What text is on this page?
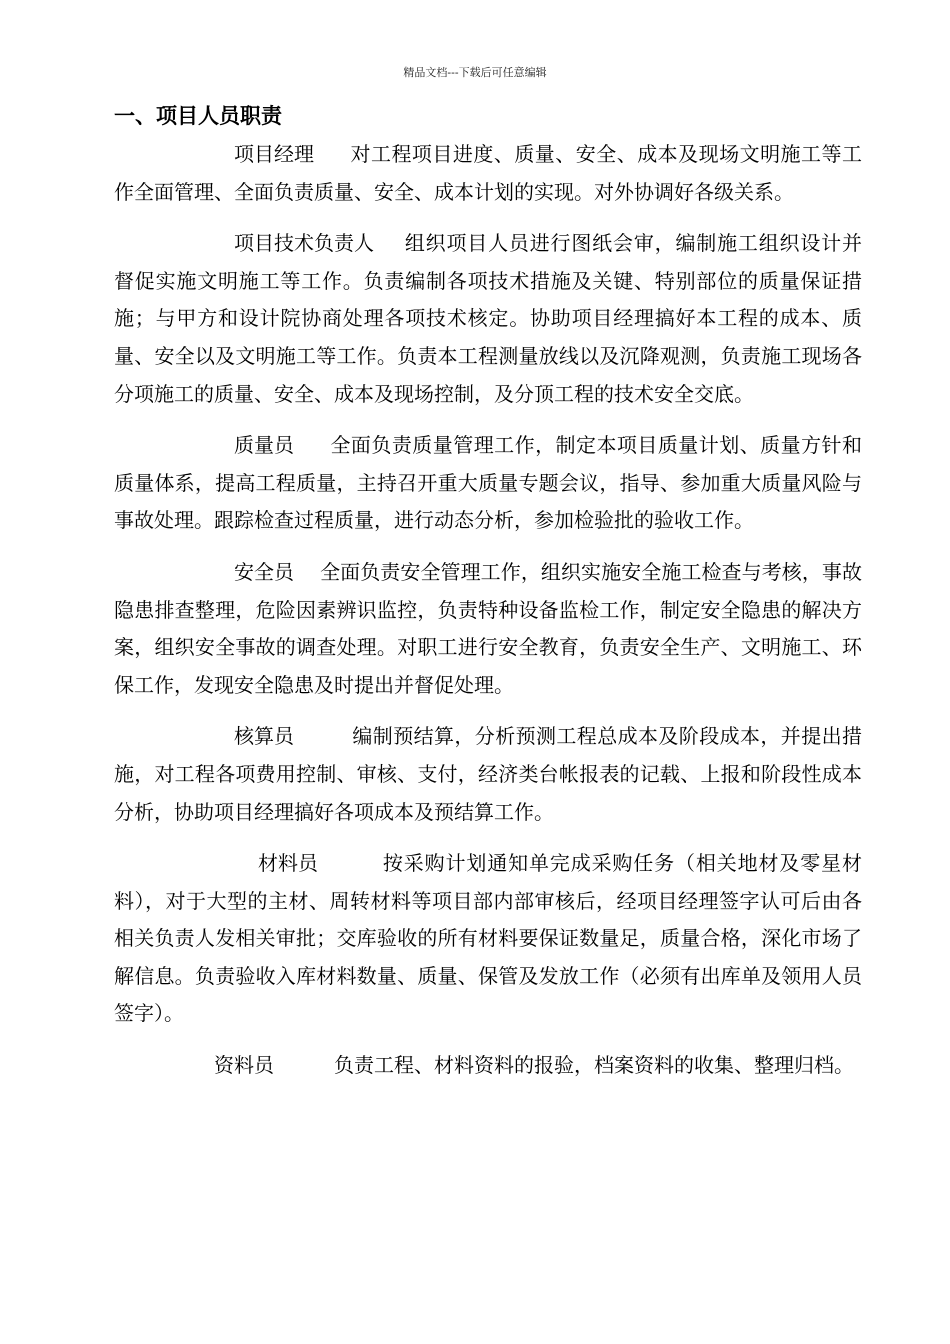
精品文档---下载后可任意编辑
一、项目人员职责

项目经理 对工程项目进度、质量、安全、成本及现场文明施工等工作全面管理、全面负责质量、安全、成本计划的实现。对外协调好各级关系。

项目技术负责人 组织项目人员进行图纸会审，编制施工组织设计并督促实施文明施工等工作。负责编制各项技术措施及关键、特别部位的质量保证措施；与甲方和设计院协商处理各项技术核定。协助项目经理搞好本工程的成本、质量、安全以及文明施工等工作。负责本工程测量放线以及沉降观测，负责施工现场各分项施工的质量、安全、成本及现场控制，及分顶工程的技术安全交底。

质量员 全面负责质量管理工作，制定本项目质量计划、质量方针和质量体系，提高工程质量，主持召开重大质量专题会议，指导、参加重大质量风险与事故处理。跟踪检查过程质量，进行动态分析，参加检验批的验收工作。

安全员 全面负责安全管理工作，组织实施安全施工检查与考核，事故隐患排查整理，危险因素辨识监控，负责特种设备监检工作，制定安全隐患的解决方案，组织安全事故的调查处理。对职工进行安全教育，负责安全生产、文明施工、环保工作，发现安全隐患及时提出并督促处理。

核算员	编制预结算，分析预测工程总成本及阶段成本，并提出措施，对工程各项费用控制、审核、支付，经济类台帐报表的记载、上报和阶段性成本分析，协助项目经理搞好各项成本及预结算工作。

材料员	按采购计划通知单完成采购任务（相关地材及零星材料），对于大型的主材、周转材料等项目部内部审核后，经项目经理签字认可后由各相关负责人发相关审批；交库验收的所有材料要保证数量足，质量合格，深化市场了解信息。负责验收入库材料数量、质量、保管及发放工作（必须有出库单及领用人员签字）。

资料员	负责工程、材料资料的报验，档案资料的收集、整理归档。
